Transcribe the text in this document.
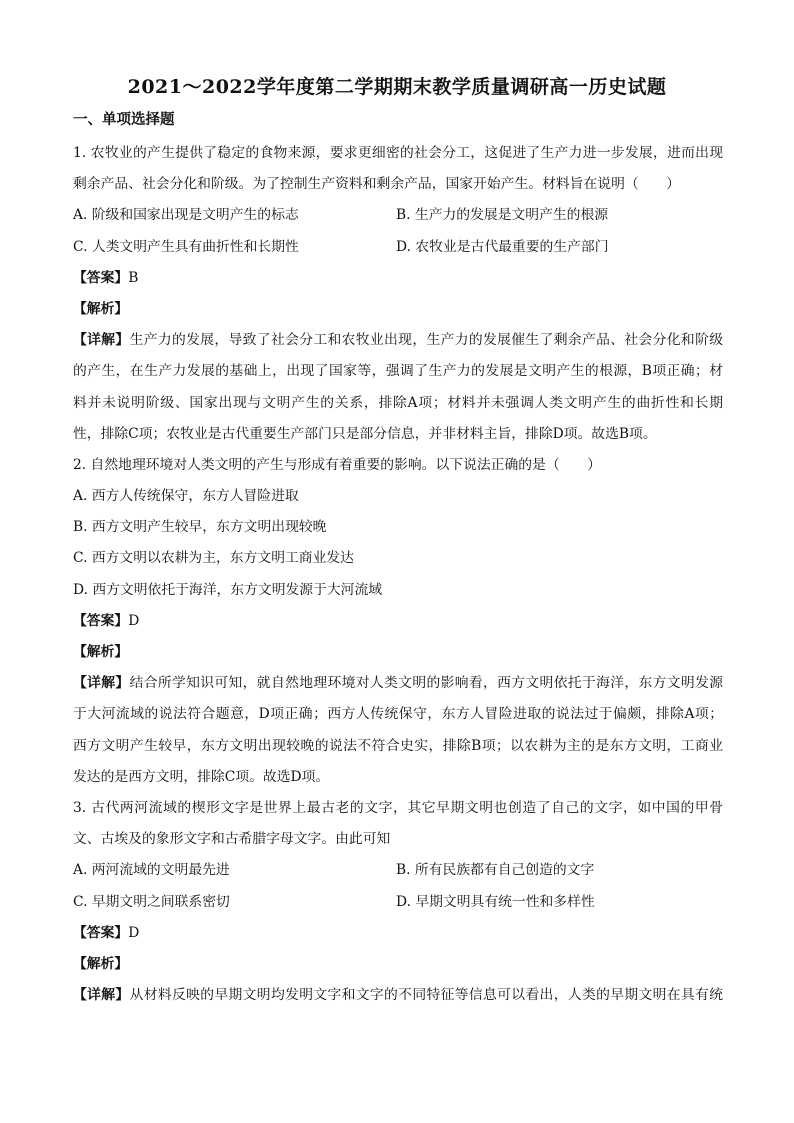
2021～2022学年度第二学期期末教学质量调研高一历史试题
一、单项选择题
1. 农牧业的产生提供了稳定的食物来源，要求更细密的社会分工，这促进了生产力进一步发展，进而出现
剩余产品、社会分化和阶级。为了控制生产资料和剩余产品，国家开始产生。材料旨在说明（　　）
A. 阶级和国家出现是文明产生的标志	B. 生产力的发展是文明产生的根源
C. 人类文明产生具有曲折性和长期性	D. 农牧业是古代最重要的生产部门
【答案】B
【解析】
【详解】生产力的发展，导致了社会分工和农牧业出现，生产力的发展催生了剩余产品、社会分化和阶级
的产生，在生产力发展的基础上，出现了国家等，强调了生产力的发展是文明产生的根源，B项正确；材
料并未说明阶级、国家出现与文明产生的关系，排除A项；材料并未强调人类文明产生的曲折性和长期
性，排除C项；农牧业是古代重要生产部门只是部分信息，并非材料主旨，排除D项。故选B项。
2. 自然地理环境对人类文明的产生与形成有着重要的影响。以下说法正确的是（　　）
A. 西方人传统保守，东方人冒险进取
B. 西方文明产生较早，东方文明出现较晚
C. 西方文明以农耕为主，东方文明工商业发达
D. 西方文明依托于海洋，东方文明发源于大河流域
【答案】D
【解析】
【详解】结合所学知识可知，就自然地理环境对人类文明的影响看，西方文明依托于海洋，东方文明发源
于大河流域的说法符合题意，D项正确；西方人传统保守，东方人冒险进取的说法过于偏颇，排除A项；
西方文明产生较早，东方文明出现较晚的说法不符合史实，排除B项；以农耕为主的是东方文明，工商业
发达的是西方文明，排除C项。故选D项。
3. 古代两河流域的楔形文字是世界上最古老的文字，其它早期文明也创造了自己的文字，如中国的甲骨
文、古埃及的象形文字和古希腊字母文字。由此可知
A. 两河流域的文明最先进	B. 所有民族都有自己创造的文字
C. 早期文明之间联系密切	D. 早期文明具有统一性和多样性
【答案】D
【解析】
【详解】从材料反映的早期文明均发明文字和文字的不同特征等信息可以看出，人类的早期文明在具有统
